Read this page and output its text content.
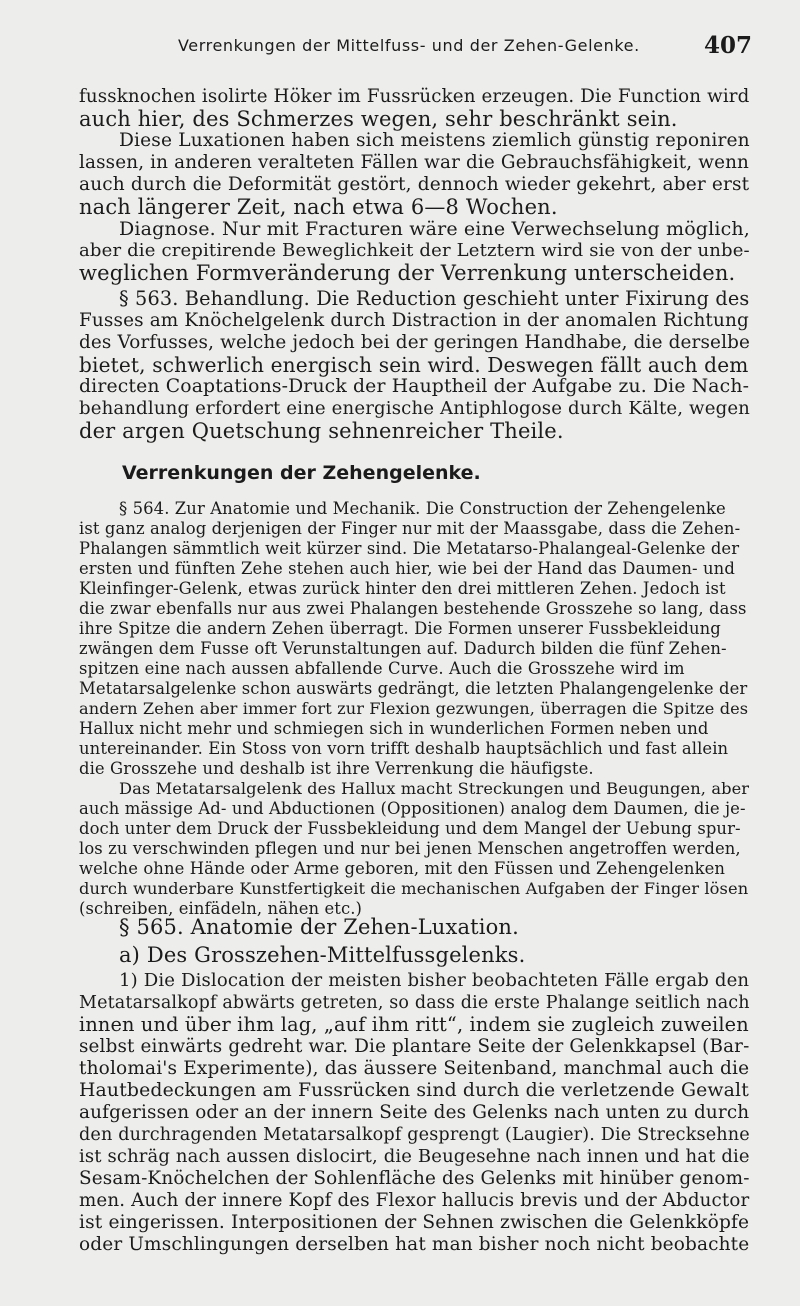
Verrenkungen der Mittelfuss- und der Zehen-Gelenke.	407
fussknochen isolirte Höker im Fussrücken erzeugen. Die Function wird
auch hier, des Schmerzes wegen, sehr beschränkt sein.
Diese Luxationen haben sich meistens ziemlich günstig reponiren
lassen, in anderen veralteten Fällen war die Gebrauchsfähigkeit, wenn
auch durch die Deformität gestört, dennoch wieder gekehrt, aber erst
nach längerer Zeit, nach etwa 6—8 Wochen.
Diagnose. Nur mit Fracturen wäre eine Verwechselung möglich,
aber die crepitirende Beweglichkeit der Letztern wird sie von der unbe-
weglichen Formveränderung der Verrenkung unterscheiden.
§ 563. Behandlung. Die Reduction geschieht unter Fixirung des
Fusses am Knöchelgelenk durch Distraction in der anomalen Richtung
des Vorfusses, welche jedoch bei der geringen Handhabe, die derselbe
bietet, schwerlich energisch sein wird. Deswegen fällt auch dem
directen Coaptations-Druck der Hauptheil der Aufgabe zu. Die Nach-
behandlung erfordert eine energische Antiphlogose durch Kälte, wegen
der argen Quetschung sehnenreicher Theile.
Verrenkungen der Zehengelenke.
§ 564. Zur Anatomie und Mechanik. Die Construction der Zehengelenke
ist ganz analog derjenigen der Finger nur mit der Maassgabe, dass die Zehen-
Phalangen sämmtlich weit kürzer sind. Die Metatarso-Phalangeal-Gelenke der
ersten und fünften Zehe stehen auch hier, wie bei der Hand das Daumen- und
Kleinfinger-Gelenk, etwas zurück hinter den drei mittleren Zehen. Jedoch ist
die zwar ebenfalls nur aus zwei Phalangen bestehende Grosszehe so lang, dass
ihre Spitze die andern Zehen überragt. Die Formen unserer Fussbekleidung
zwängen dem Fusse oft Verunstaltungen auf. Dadurch bilden die fünf Zehen-
spitzen eine nach aussen abfallende Curve. Auch die Grosszehe wird im
Metatarsalgelenke schon auswärts gedrängt, die letzten Phalangengelenke der
andern Zehen aber immer fort zur Flexion gezwungen, überragen die Spitze des
Hallux nicht mehr und schmiegen sich in wunderlichen Formen neben und
untereinander. Ein Stoss von vorn trifft deshalb hauptsächlich und fast allein
die Grosszehe und deshalb ist ihre Verrenkung die häufigste.
Das Metatarsalgelenk des Hallux macht Streckungen und Beugungen, aber
auch mässige Ad- und Abductionen (Oppositionen) analog dem Daumen, die je-
doch unter dem Druck der Fussbekleidung und dem Mangel der Uebung spur-
los zu verschwinden pflegen und nur bei jenen Menschen angetroffen werden,
welche ohne Hände oder Arme geboren, mit den Füssen und Zehengelenken
durch wunderbare Kunstfertigkeit die mechanischen Aufgaben der Finger lösen
(schreiben, einfädeln, nähen etc.)
§ 565. Anatomie der Zehen-Luxation.
a) Des Grosszehen-Mittelfussgelenks.
1) Die Dislocation der meisten bisher beobachteten Fälle ergab den
Metatarsalkopf abwärts getreten, so dass die erste Phalange seitlich nach
innen und über ihm lag, „auf ihm ritt“, indem sie zugleich zuweilen
selbst einwärts gedreht war. Die plantare Seite der Gelenkkapsel (Bar-
tholomai's Experimente), das äussere Seitenband, manchmal auch die
Hautbedeckungen am Fussrücken sind durch die verletzende Gewalt
aufgerissen oder an der innern Seite des Gelenks nach unten zu durch
den durchragenden Metatarsalkopf gesprengt (Laugier). Die Strecksehne
ist schräg nach aussen dislocirt, die Beugesehne nach innen und hat die
Sesam-Knöchelchen der Sohlenfläche des Gelenks mit hinüber genom-
men. Auch der innere Kopf des Flexor hallucis brevis und der Abductor
ist eingerissen. Interpositionen der Sehnen zwischen die Gelenkköpfe
oder Umschlingungen derselben hat man bisher noch nicht beobachte
